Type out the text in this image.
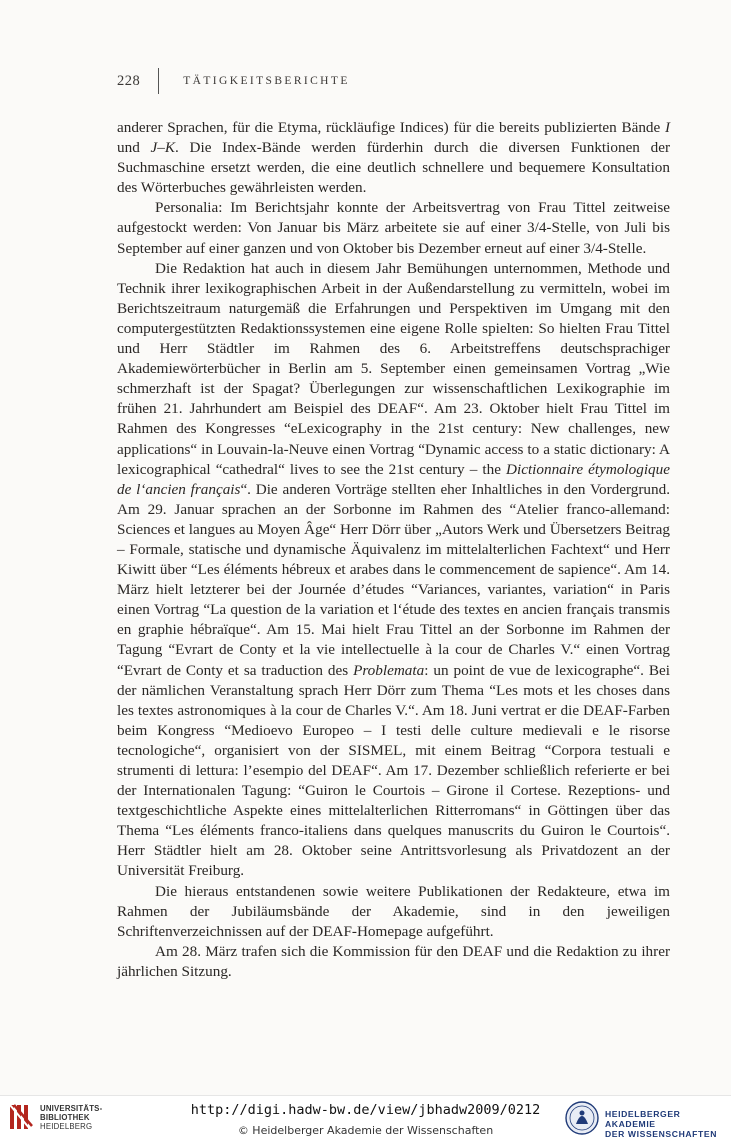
228	TÄTIGKEITSBERICHTE

anderer Sprachen, für die Etyma, rückläufige Indices) für die bereits publizierten Bände I und J–K. Die Index-Bände werden fürderhin durch die diversen Funktionen der Suchmaschine ersetzt werden, die eine deutlich schnellere und bequemere Konsultation des Wörterbuches gewährleisten werden.

Personalia: Im Berichtsjahr konnte der Arbeitsvertrag von Frau Tittel zeitweise aufgestockt werden: Von Januar bis März arbeitete sie auf einer 3/4-Stelle, von Juli bis September auf einer ganzen und von Oktober bis Dezember erneut auf einer 3/4-Stelle.

Die Redaktion hat auch in diesem Jahr Bemühungen unternommen, Methode und Technik ihrer lexikographischen Arbeit in der Außendarstellung zu vermitteln, wobei im Berichtszeitraum naturgemäß die Erfahrungen und Perspektiven im Umgang mit den computergestützten Redaktionssystemen eine eigene Rolle spielten: So hielten Frau Tittel und Herr Städtler im Rahmen des 6. Arbeitstreffens deutschsprachiger Akademiewörterbücher in Berlin am 5. September einen gemeinsamen Vortrag „Wie schmerzhaft ist der Spagat? Überlegungen zur wissenschaftlichen Lexikographie im frühen 21. Jahrhundert am Beispiel des DEAF“. Am 23. Oktober hielt Frau Tittel im Rahmen des Kongresses “eLexicography in the 21st century: New challenges, new applications“ in Louvain-la-Neuve einen Vortrag “Dynamic access to a static dictionary: A lexicographical “cathedral“ lives to see the 21st century – the Dictionnaire étymologique de l‘ancien français“. Die anderen Vorträge stellten eher Inhaltliches in den Vordergrund. Am 29. Januar sprachen an der Sorbonne im Rahmen des “Atelier franco-allemand: Sciences et langues au Moyen Âge“ Herr Dörr über „Autors Werk und Übersetzers Beitrag – Formale, statische und dynamische Äquivalenz im mittelalterlichen Fachtext“ und Herr Kiwitt über “Les éléments hébreux et arabes dans le commencement de sapience“. Am 14. März hielt letzterer bei der Journée d’études “Variances, variantes, variation“ in Paris einen Vortrag “La question de la variation et l‘étude des textes en ancien français transmis en graphie hébraïque“. Am 15. Mai hielt Frau Tittel an der Sorbonne im Rahmen der Tagung “Evrart de Conty et la vie intellectuelle à la cour de Charles V.“ einen Vortrag “Evrart de Conty et sa traduction des Problemata: un point de vue de lexicographe“. Bei der nämlichen Veranstaltung sprach Herr Dörr zum Thema “Les mots et les choses dans les textes astronomiques à la cour de Charles V.“. Am 18. Juni vertrat er die DEAF-Farben beim Kongress “Medioevo Europeo – I testi delle culture medievali e le risorse tecnologiche“, organisiert von der SISMEL, mit einem Beitrag “Corpora testuali e strumenti di lettura: l’esempio del DEAF“. Am 17. Dezember schließlich referierte er bei der Internationalen Tagung: “Guiron le Courtois – Girone il Cortese. Rezeptions- und textgeschichtliche Aspekte eines mittelalterlichen Ritterromans“ in Göttingen über das Thema “Les éléments franco-italiens dans quelques manuscrits du Guiron le Courtois“. Herr Städtler hielt am 28. Oktober seine Antrittsvorlesung als Privatdozent an der Universität Freiburg.

Die hieraus entstandenen sowie weitere Publikationen der Redakteure, etwa im Rahmen der Jubiläumsbände der Akademie, sind in den jeweiligen Schriftenverzeichnissen auf der DEAF-Homepage aufgeführt.

Am 28. März trafen sich die Kommission für den DEAF und die Redaktion zu ihrer jährlichen Sitzung.

UNIVERSITÄTS-
BIBLIOTHEK
HEIDELBERG
http://digi.hadw-bw.de/view/jbhadw2009/0212
© Heidelberger Akademie der Wissenschaften
HEIDELBERGER AKADEMIE
DER WISSENSCHAFTEN
